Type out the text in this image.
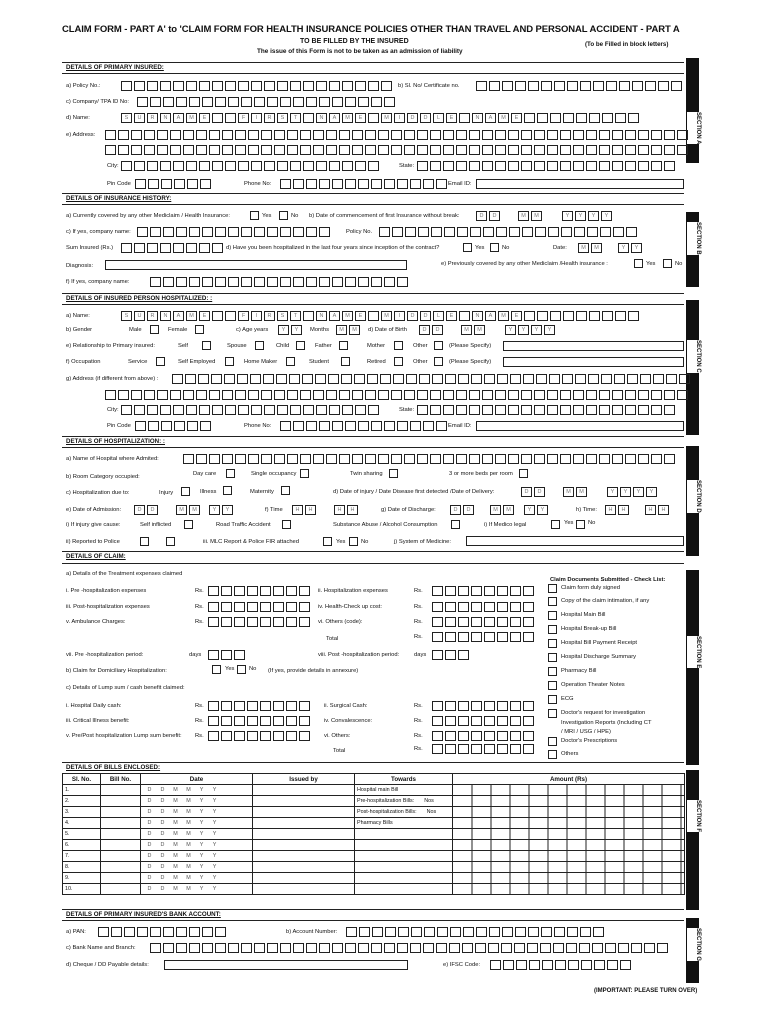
CLAIM FORM - PART A' to 'CLAIM FORM FOR HEALTH INSURANCE POLICIES OTHER THAN TRAVEL AND PERSONAL ACCIDENT - PART A
TO BE FILLED BY THE INSURED	(To be Filled in block letters)
The issue of this Form is not to be taken as an admission of liability
SECTION A
SECTION B
SECTION C
SECTION D
SECTION E
SECTION F
SECTION G
DETAILS OF PRIMARY INSURED:
a) Policy No.:	b) Sl. No/ Certificate no.
c) Company/ TPA ID No:
d) Name:	S	U	R	N	A	M	E	F	I	R	S	T	N	A	M	E	M	I	D	D	L	E	N	A	M	E
e) Address:
City:	State:
Pin Code	Phone No:	Email ID:
DETAILS OF INSURANCE HISTORY:
a) Currently covered by any other Mediclaim / Health Insurance:	Yes	No b) Date of commencement of first Insurance without break:	D	D	M	M	Y	Y	Y	Y
c) If yes, company name:	Policy No.
Sum Insured (Rs.)	d) Have you been hospitalized in the last four years since inception of the contract?	Yes	No	Date:	M	M	Y	Y
Diagnosis:	e) Previously covered by any other Mediclaim /Health insurance :	Yes	No
f) If yes, company name:
DETAILS OF INSURED PERSON HOSPITALIZED: :
a) Name:	S	U	R	N	A	M	E	F	I	R	S	T	N	A	M	E	M	I	D	D	L	E	N	A	M	E
b) Gender	Male	Female	c) Age years	Y	Y	Months	M	M	d) Date of Birth	D	D	M	M	Y	Y	Y	Y
e) Relationship to Primary insured:	Self	Spouse	Child	Father	Mother	Other	(Please Specify)
f) Occupation	Service	Self Employed	Home Maker	Student	Retired	Other	(Please Specify)
g) Address (if different from above) :
City:	State:
Pin Code	Phone No:	Email ID:
DETAILS OF HOSPITALIZATION: :
a) Name of Hospital where Admited:
b) Room Category occupied:	Day care	Single occupancy	Twin sharing	3 or more beds per room
c) Hospitalization due to:	Injury	Illness	Maternity	d) Date of injury / Date Disease first detected /Date of Delivery:	D	D	M	M	Y	Y	Y	Y
e) Date of Admission:	D	D	M	M	Y	Y	f) Time	H	H	H	H	g) Date of Discharge:	D	D	M	M	Y	Y	h) Time:	H	H	H	H
i) If injury give cause:	Self inflicted	Road Traffic Accident	Substance Abuse / Alcohol Consumption	i) If Medico legal	Yes	No
ii) Reported to Police	iii. MLC Report & Police FIR attached	Yes	No	j) System of Medicine:
DETAILS OF CLAIM:
a) Details of the Treatment expenses claimed
i. Pre -hospitalization expenses	Rs.	ii. Hospitalization expenses	Rs.
iii. Post-hospitalization expenses	Rs.	iv. Health-Check up cost:	Rs.
v. Ambulance Charges:	Rs.	vi. Others (code):	Rs.
Total	Rs.
vii. Pre -hospitalization period:	days	viii. Post -hospitalization period:	days
b) Claim for Domiciliary Hospitalization:	Yes	No (If yes, provide details in annexure)
c) Details of Lump sum / cash benefit claimed:
i. Hospital Daily cash:	Rs.	ii. Surgical Cash:	Rs.
iii. Critical Illness benefit:	Rs.	iv. Convalescence:	Rs.
v. Pre/Post hospitalization Lump sum benefit: Rs.	vi. Others:	Rs.
Total	Rs.
Claim Documents Submitted - Check List:
Claim form duly signed
Copy of the claim intimation, if any
Hospital Main Bill
Hospital Break-up Bill
Hospital Bill Payment Receipt
Hospital Discharge Summary
Pharmacy Bill
Operation Theater Notes
ECG
Doctor's request for investigation
Investigation Reports (Including CT
/ MRI / USG / HPE)
Doctor's Prescriptions
Others
DETAILS OF BILLS ENCLOSED:
Sl. No.	Bill No.	Date	Issued by	Towards	Amount (Rs)
1.		D D M M Y Y		Hospital main Bill	
2.		D D M M Y Y		Pre-hospitalization Bills: Nos	
3.		D D M M Y Y		Post-hospitalization Bills: Nos	
4.		D D M M Y Y		Pharmacy Bills	
5.		D D M M Y Y			
6.		D D M M Y Y			
7.		D D M M Y Y			
8.		D D M M Y Y			
9.		D D M M Y Y			
10.		D D M M Y Y			
DETAILS OF PRIMARY INSURED'S BANK ACCOUNT:
a) PAN:	b) Account Number:
c) Bank Name and Branch:
d) Cheque / DD Payable details:	e) IFSC Code:
(IMPORTANT: PLEASE TURN OVER)
